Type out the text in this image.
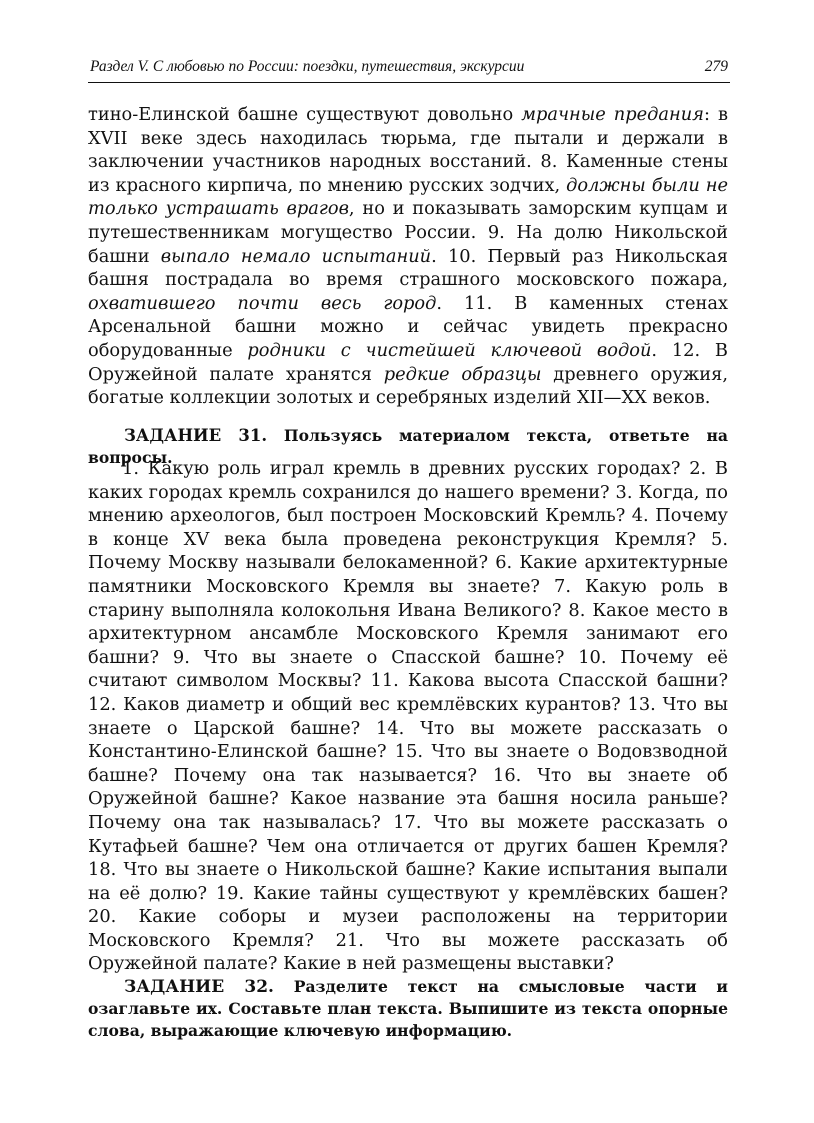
Раздел V. С любовью по России: поездки, путешествия, экскурсии	279

тино-Елинской башне существуют довольно мрачные предания: в XVII веке здесь находилась тюрьма, где пытали и держали в заключении участников народных восстаний. 8. Каменные стены из красного кирпича, по мнению русских зодчих, должны были не только устрашать врагов, но и показывать заморским купцам и путешественникам могущество России. 9. На долю Никольской башни выпало немало испытаний. 10. Первый раз Никольская башня пострадала во время страшного московского пожара, охватившего почти весь город. 11. В каменных стенах Арсенальной башни можно и сейчас увидеть прекрасно оборудованные родники с чистейшей ключевой водой. 12. В Оружейной палате хранятся редкие образцы древнего оружия, богатые коллекции золотых и серебряных изделий XII—XX веков.

ЗАДАНИЕ 31. Пользуясь материалом текста, ответьте на вопросы.

1. Какую роль играл кремль в древних русских городах? 2. В каких городах кремль сохранился до нашего времени? 3. Когда, по мнению археологов, был построен Московский Кремль? 4. Почему в конце XV века была проведена реконструкция Кремля? 5. Почему Москву называли белокаменной? 6. Какие архитектурные памятники Московского Кремля вы знаете? 7. Какую роль в старину выполняла колокольня Ивана Великого? 8. Какое место в архитектурном ансамбле Московского Кремля занимают его башни? 9. Что вы знаете о Спасской башне? 10. Почему её считают символом Москвы? 11. Какова высота Спасской башни? 12. Каков диаметр и общий вес кремлёвских курантов? 13. Что вы знаете о Царской башне? 14. Что вы можете рассказать о Константино-Елинской башне? 15. Что вы знаете о Водовзводной башне? Почему она так называется? 16. Что вы знаете об Оружейной башне? Какое название эта башня носила раньше? Почему она так называлась? 17. Что вы можете рассказать о Кутафьей башне? Чем она отличается от других башен Кремля? 18. Что вы знаете о Никольской башне? Какие испытания выпали на её долю? 19. Какие тайны существуют у кремлёвских башен? 20. Какие соборы и музеи расположены на территории Московского Кремля? 21. Что вы можете рассказать об Оружейной палате? Какие в ней размещены выставки?

ЗАДАНИЕ 32. Разделите текст на смысловые части и озаглавьте их. Составьте план текста. Выпишите из текста опорные слова, выражающие ключевую информацию.
